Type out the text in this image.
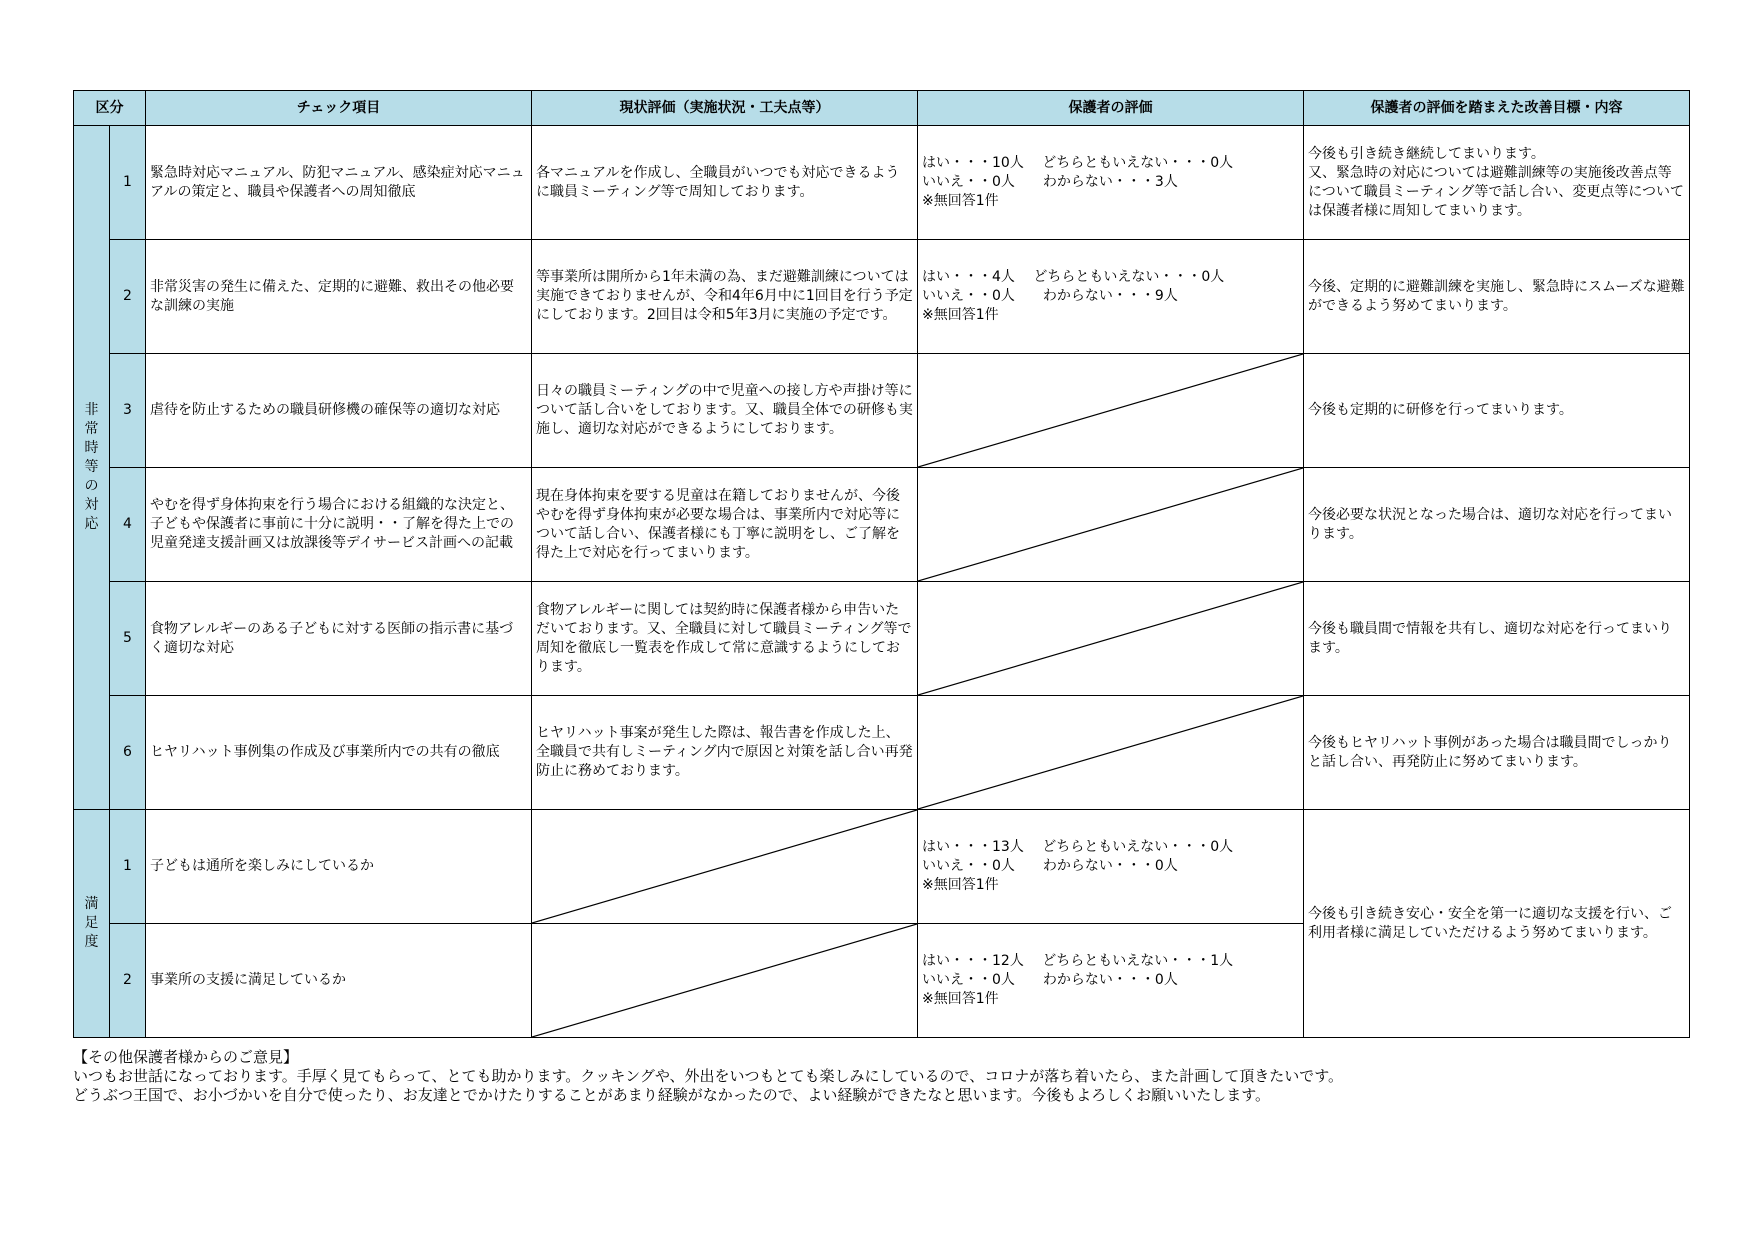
区分		チェック項目	現状評価（実施状況・工夫点等）	保護者の評価	保護者の評価を踏まえた改善目標・内容
非常時等の対応	1	緊急時対応マニュアル、防犯マニュアル、感染症対応マニュアルの策定と、職員や保護者への周知徹底	各マニュアルを作成し、全職員がいつでも対応できるように職員ミーティング等で周知しております。	はい・・・10人　 どちらともいえない・・・0人
いいえ・・0人　　わからない・・・3人
※無回答1件	今後も引き続き継続してまいります。
又、緊急時の対応については避難訓練等の実施後改善点等について職員ミーティング等で話し合い、変更点等については保護者様に周知してまいります。

	2	非常災害の発生に備えた、定期的に避難、救出その他必要な訓練の実施	等事業所は開所から1年未満の為、まだ避難訓練については実施できておりませんが、令和4年6月中に1回目を行う予定にしております。2回目は令和5年3月に実施の予定です。	はい・・・4人　 どちらともいえない・・・0人
いいえ・・0人　　わからない・・・9人
※無回答1件	今後、定期的に避難訓練を実施し、緊急時にスムーズな避難ができるよう努めてまいります。

	3	虐待を防止するための職員研修機の確保等の適切な対応	日々の職員ミーティングの中で児童への接し方や声掛け等について話し合いをしております。又、職員全体での研修も実施し、適切な対応ができるようにしております。		今後も定期的に研修を行ってまいります。

	4	やむを得ず身体拘束を行う場合における組織的な決定と、子どもや保護者に事前に十分に説明・・了解を得た上での児童発達支援計画又は放課後等デイサービス計画への記載	現在身体拘束を要する児童は在籍しておりませんが、今後やむを得ず身体拘束が必要な場合は、事業所内で対応等について話し合い、保護者様にも丁寧に説明をし、ご了解を得た上で対応を行ってまいります。		今後必要な状況となった場合は、適切な対応を行ってまいります。

	5	食物アレルギーのある子どもに対する医師の指示書に基づく適切な対応	食物アレルギーに関しては契約時に保護者様から申告いただいております。又、全職員に対して職員ミーティング等で周知を徹底し一覧表を作成して常に意識するようにしております。		今後も職員間で情報を共有し、適切な対応を行ってまいります。

	6	ヒヤリハット事例集の作成及び事業所内での共有の徹底	ヒヤリハット事案が発生した際は、報告書を作成した上、全職員で共有しミーティング内で原因と対策を話し合い再発防止に務めております。		今後もヒヤリハット事例があった場合は職員間でしっかりと話し合い、再発防止に努めてまいります。

満足度	1	子どもは通所を楽しみにしているか		はい・・・13人　 どちらともいえない・・・0人
いいえ・・0人　　わからない・・・0人
※無回答1件	今後も引き続き安心・安全を第一に適切な支援を行い、ご利用者様に満足していただけるよう努めてまいります。

	2	事業所の支援に満足しているか		はい・・・12人　 どちらともいえない・・・1人
いいえ・・0人　　わからない・・・0人
※無回答1件	
【その他保護者様からのご意見】
いつもお世話になっております。手厚く見てもらって、とても助かります。クッキングや、外出をいつもとても楽しみにしているので、コロナが落ち着いたら、また計画して頂きたいです。
どうぶつ王国で、お小づかいを自分で使ったり、お友達とでかけたりすることがあまり経験がなかったので、よい経験ができたなと思います。今後もよろしくお願いいたします。
